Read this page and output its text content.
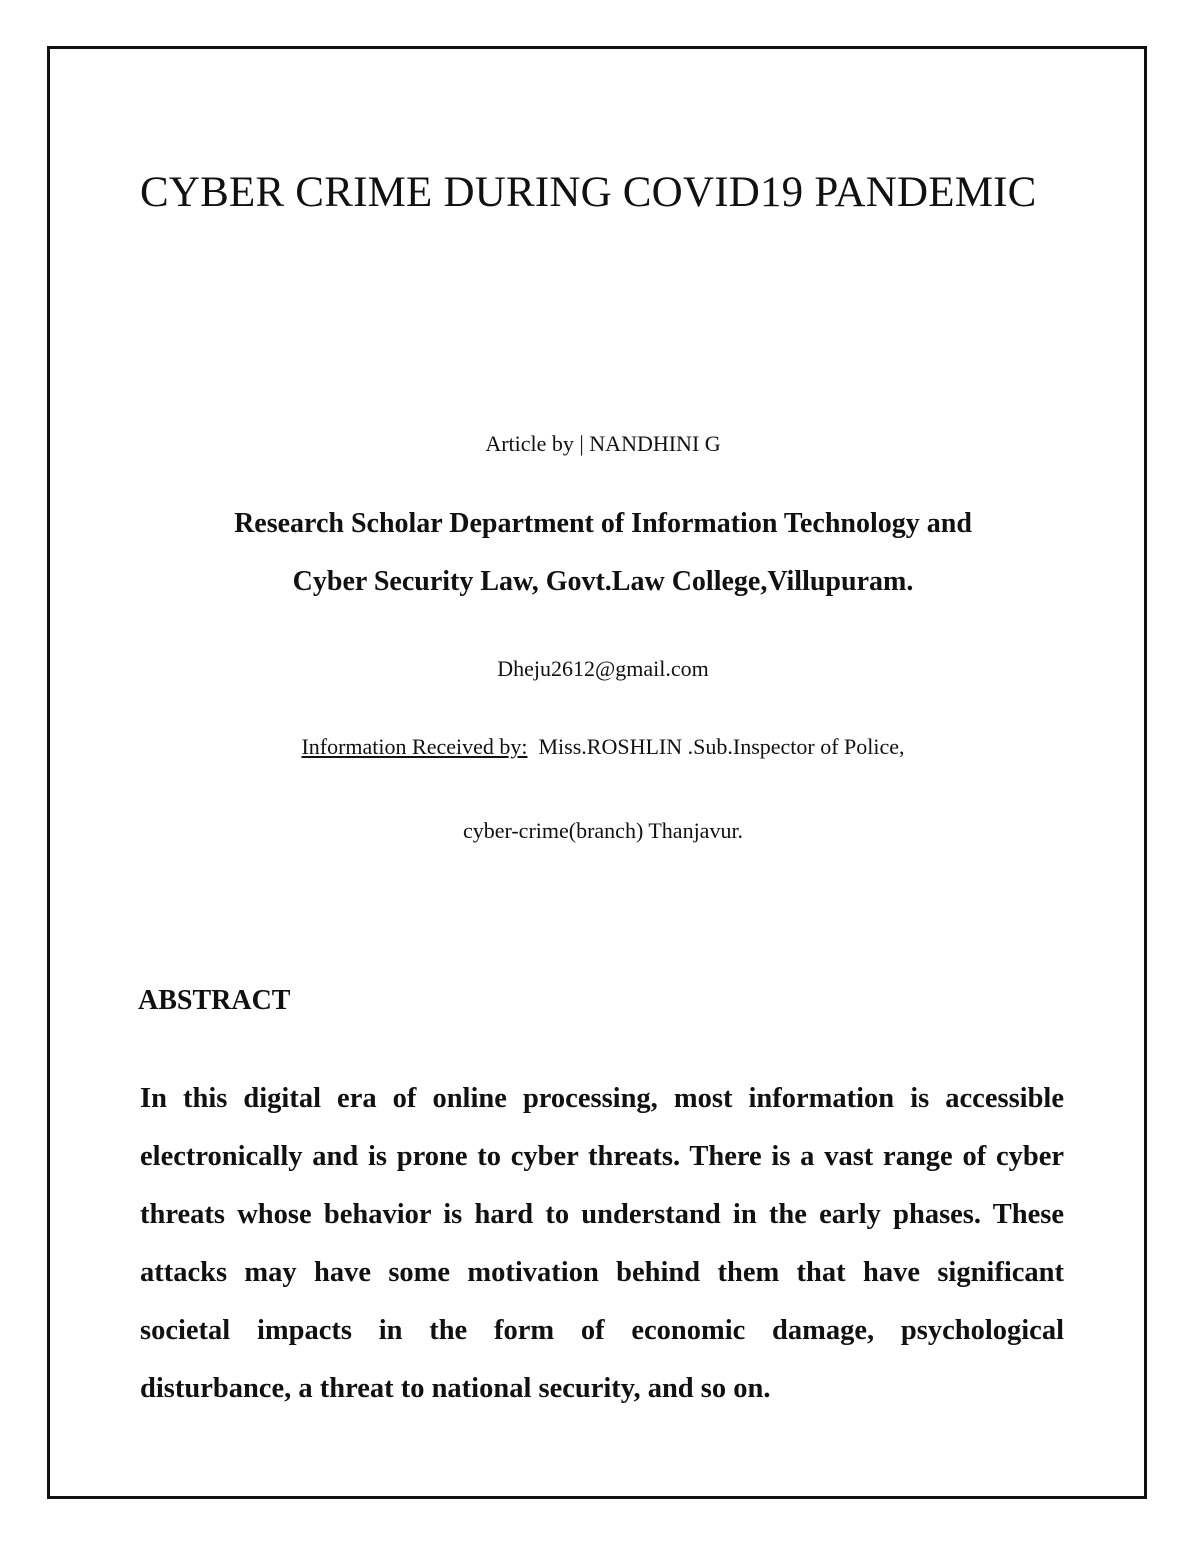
CYBER CRIME DURING COVID19 PANDEMIC

Article by | NANDHINI G

Research Scholar Department of Information Technology and

Cyber Security Law, Govt.Law College,Villupuram.

Dheju2612@gmail.com

Information Received by: Miss.ROSHLIN .Sub.Inspector of Police,

cyber-crime(branch) Thanjavur.

ABSTRACT

In this digital era of online processing, most information is accessible electronically and is prone to cyber threats. There is a vast range of cyber threats whose behavior is hard to understand in the early phases. These attacks may have some motivation behind them that have significant societal impacts in the form of economic damage, psychological disturbance, a threat to national security, and so on.
